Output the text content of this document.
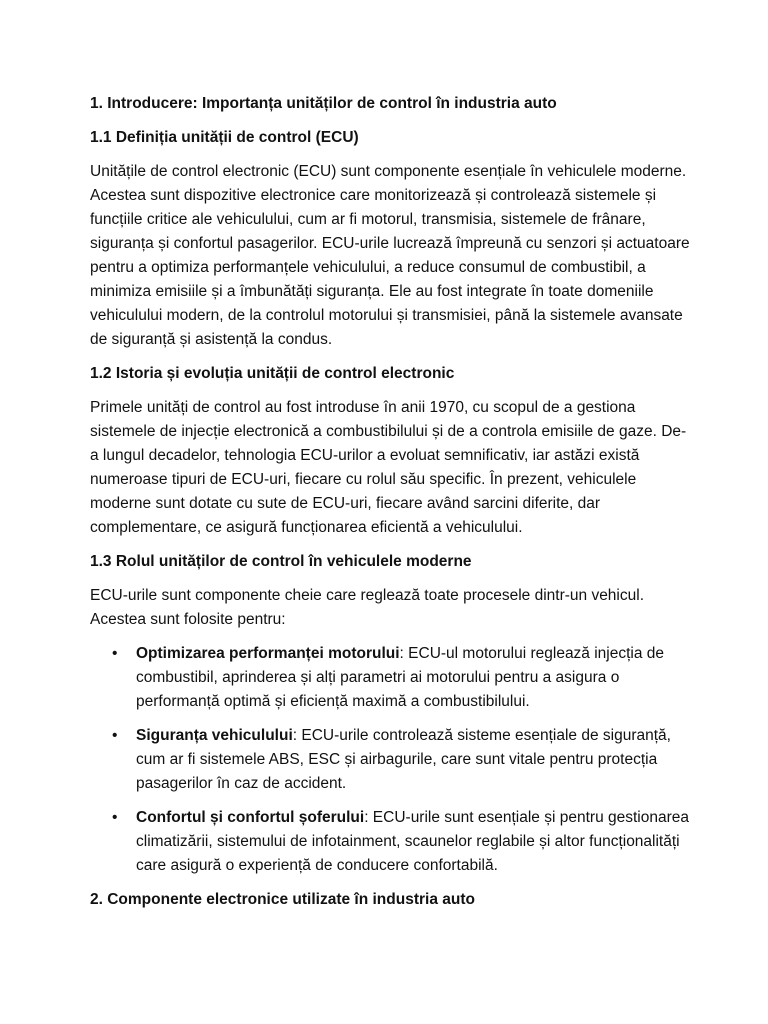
1. Introducere: Importanța unităților de control în industria auto

1.1 Definiția unității de control (ECU)

Unitățile de control electronic (ECU) sunt componente esențiale în vehiculele moderne. Acestea sunt dispozitive electronice care monitorizează și controlează sistemele și funcțiile critice ale vehiculului, cum ar fi motorul, transmisia, sistemele de frânare, siguranța și confortul pasagerilor. ECU-urile lucrează împreună cu senzori și actuatoare pentru a optimiza performanțele vehiculului, a reduce consumul de combustibil, a minimiza emisiile și a îmbunătăți siguranța. Ele au fost integrate în toate domeniile vehiculului modern, de la controlul motorului și transmisiei, până la sistemele avansate de siguranță și asistență la condus.

1.2 Istoria și evoluția unității de control electronic

Primele unități de control au fost introduse în anii 1970, cu scopul de a gestiona sistemele de injecție electronică a combustibilului și de a controla emisiile de gaze. De-a lungul decadelor, tehnologia ECU-urilor a evoluat semnificativ, iar astăzi există numeroase tipuri de ECU-uri, fiecare cu rolul său specific. În prezent, vehiculele moderne sunt dotate cu sute de ECU-uri, fiecare având sarcini diferite, dar complementare, ce asigură funcționarea eficientă a vehiculului.

1.3 Rolul unităților de control în vehiculele moderne

ECU-urile sunt componente cheie care reglează toate procesele dintr-un vehicul. Acestea sunt folosite pentru:

• Optimizarea performanței motorului: ECU-ul motorului reglează injecția de combustibil, aprinderea și alți parametri ai motorului pentru a asigura o performanță optimă și eficiență maximă a combustibilului.
• Siguranța vehiculului: ECU-urile controlează sisteme esențiale de siguranță, cum ar fi sistemele ABS, ESC și airbagurile, care sunt vitale pentru protecția pasagerilor în caz de accident.
• Confortul și confortul șoferului: ECU-urile sunt esențiale și pentru gestionarea climatizării, sistemului de infotainment, scaunelor reglabile și altor funcționalități care asigură o experiență de conducere confortabilă.

2. Componente electronice utilizate în industria auto
